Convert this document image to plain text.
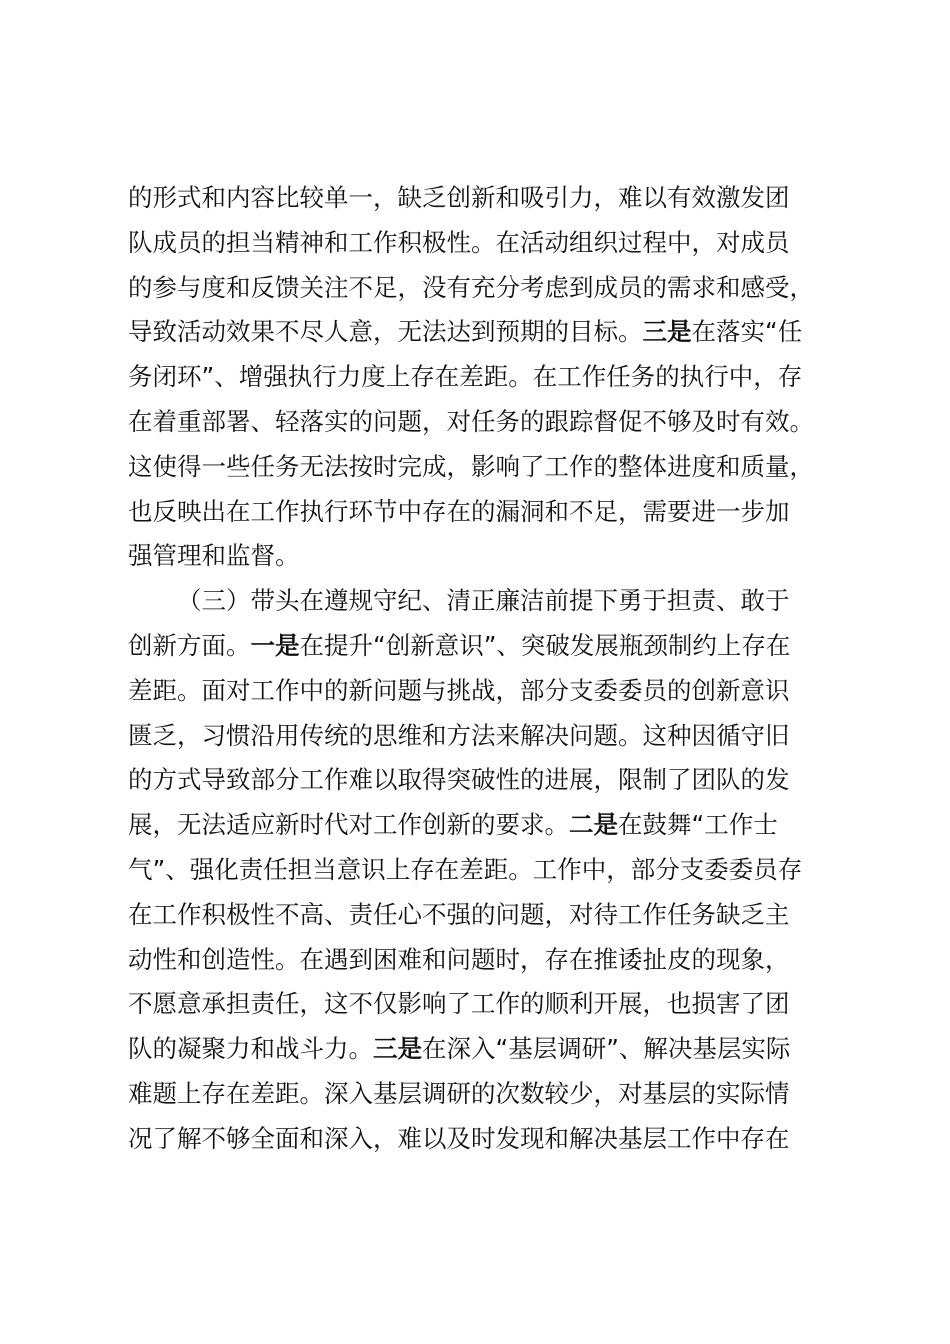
的形式和内容比较单一，缺乏创新和吸引力，难以有效激发团
队成员的担当精神和工作积极性。在活动组织过程中，对成员
的参与度和反馈关注不足，没有充分考虑到成员的需求和感受，
导致活动效果不尽人意，无法达到预期的目标。三是在落实“任
务闭环”、增强执行力度上存在差距。在工作任务的执行中，存
在着重部署、轻落实的问题，对任务的跟踪督促不够及时有效。
这使得一些任务无法按时完成，影响了工作的整体进度和质量，
也反映出在工作执行环节中存在的漏洞和不足，需要进一步加
强管理和监督。
（三）带头在遵规守纪、清正廉洁前提下勇于担责、敢于
创新方面。一是在提升“创新意识”、突破发展瓶颈制约上存在
差距。面对工作中的新问题与挑战，部分支委委员的创新意识
匮乏，习惯沿用传统的思维和方法来解决问题。这种因循守旧
的方式导致部分工作难以取得突破性的进展，限制了团队的发
展，无法适应新时代对工作创新的要求。二是在鼓舞“工作士
气”、强化责任担当意识上存在差距。工作中，部分支委委员存
在工作积极性不高、责任心不强的问题，对待工作任务缺乏主
动性和创造性。在遇到困难和问题时，存在推诿扯皮的现象，
不愿意承担责任，这不仅影响了工作的顺利开展，也损害了团
队的凝聚力和战斗力。三是在深入“基层调研”、解决基层实际
难题上存在差距。深入基层调研的次数较少，对基层的实际情
况了解不够全面和深入，难以及时发现和解决基层工作中存在
